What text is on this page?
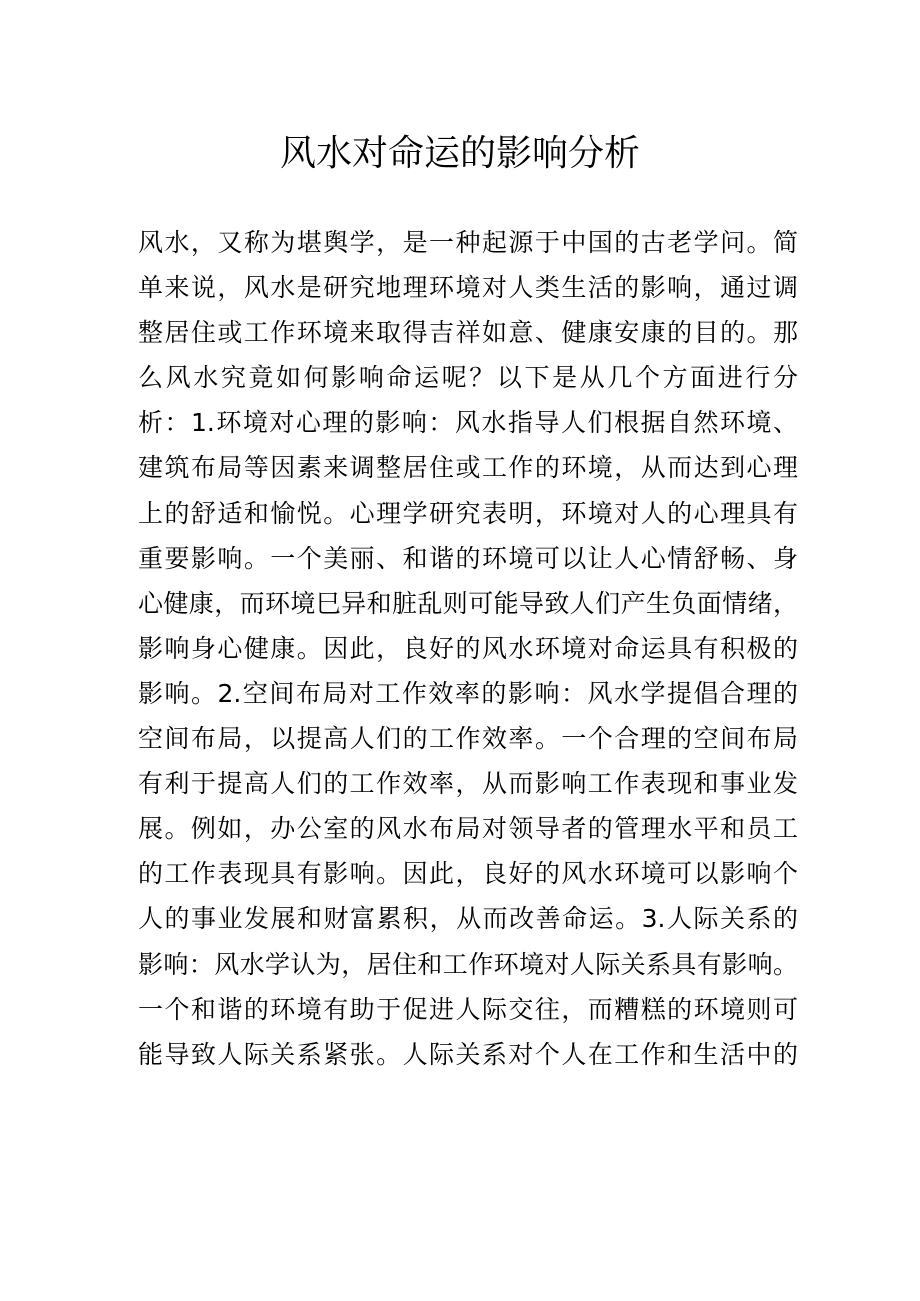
风水对命运的影响分析
风水，又称为堪舆学，是一种起源于中国的古老学问。简
单来说，风水是研究地理环境对人类生活的影响，通过调
整居住或工作环境来取得吉祥如意、健康安康的目的。那
么风水究竟如何影响命运呢？以下是从几个方面进行分
析：1.环境对心理的影响：风水指导人们根据自然环境、
建筑布局等因素来调整居住或工作的环境，从而达到心理
上的舒适和愉悦。心理学研究表明，环境对人的心理具有
重要影响。一个美丽、和谐的环境可以让人心情舒畅、身
心健康，而环境巳异和脏乱则可能导致人们产生负面情绪，
影响身心健康。因此，良好的风水环境对命运具有积极的
影响。2.空间布局对工作效率的影响：风水学提倡合理的
空间布局，以提高人们的工作效率。一个合理的空间布局
有利于提高人们的工作效率，从而影响工作表现和事业发
展。例如，办公室的风水布局对领导者的管理水平和员工
的工作表现具有影响。因此，良好的风水环境可以影响个
人的事业发展和财富累积，从而改善命运。3.人际关系的
影响：风水学认为，居住和工作环境对人际关系具有影响。
一个和谐的环境有助于促进人际交往，而糟糕的环境则可
能导致人际关系紧张。人际关系对个人在工作和生活中的
